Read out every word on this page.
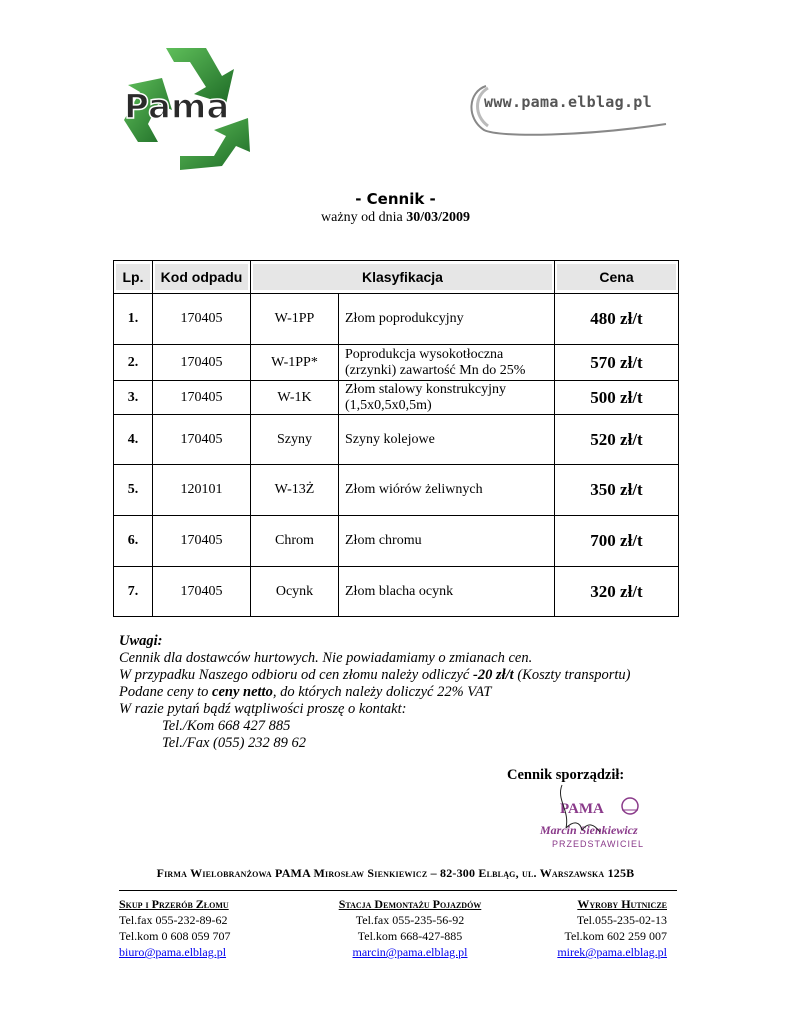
Pama	www.pama.elblag.pl
- Cennik -
ważny od dnia 30/03/2009
Lp.	Kod odpadu	Klasyfikacja		Cena

1.	170405	W-1PP	Złom poprodukcyjny	480 zł/t
2.	170405	W-1PP*	Poprodukcja wysokotłoczna (zrzynki) zawartość Mn do 25%	570 zł/t
3.	170405	W-1K	Złom stalowy konstrukcyjny (1,5x0,5x0,5m)	500 zł/t
4.	170405	Szyny	Szyny kolejowe	520 zł/t
5.	120101	W-13Ż	Złom wiórów żeliwnych	350 zł/t
6.	170405	Chrom	Złom chromu	700 zł/t
7.	170405	Ocynk	Złom blacha ocynk	320 zł/t
Uwagi:
Cennik dla dostawców hurtowych. Nie powiadamiamy o zmianach cen.
W przypadku Naszego odbioru od cen złomu należy odliczyć -20 zł/t (Koszty transportu)
Podane ceny to ceny netto, do których należy doliczyć 22% VAT
W razie pytań bądź wątpliwości proszę o kontakt:
Tel./Kom 668 427 885
Tel./Fax (055) 232 89 62
Cennik sporządził:
PAMA
Marcin Sienkiewicz
PRZEDSTAWICIEL
Firma Wielobranżowa PAMA Mirosław Sienkiewicz – 82-300 Elbląg, ul. Warszawska 125B
Skup i Przerób Złomu
Tel.fax 055-232-89-62
Tel.kom 0 608 059 707
biuro@pama.elblag.pl
Stacja Demontażu Pojazdów
Tel.fax 055-235-56-92
Tel.kom 668-427-885
marcin@pama.elblag.pl
Wyroby Hutnicze
Tel.055-235-02-13
Tel.kom 602 259 007
mirek@pama.elblag.pl
